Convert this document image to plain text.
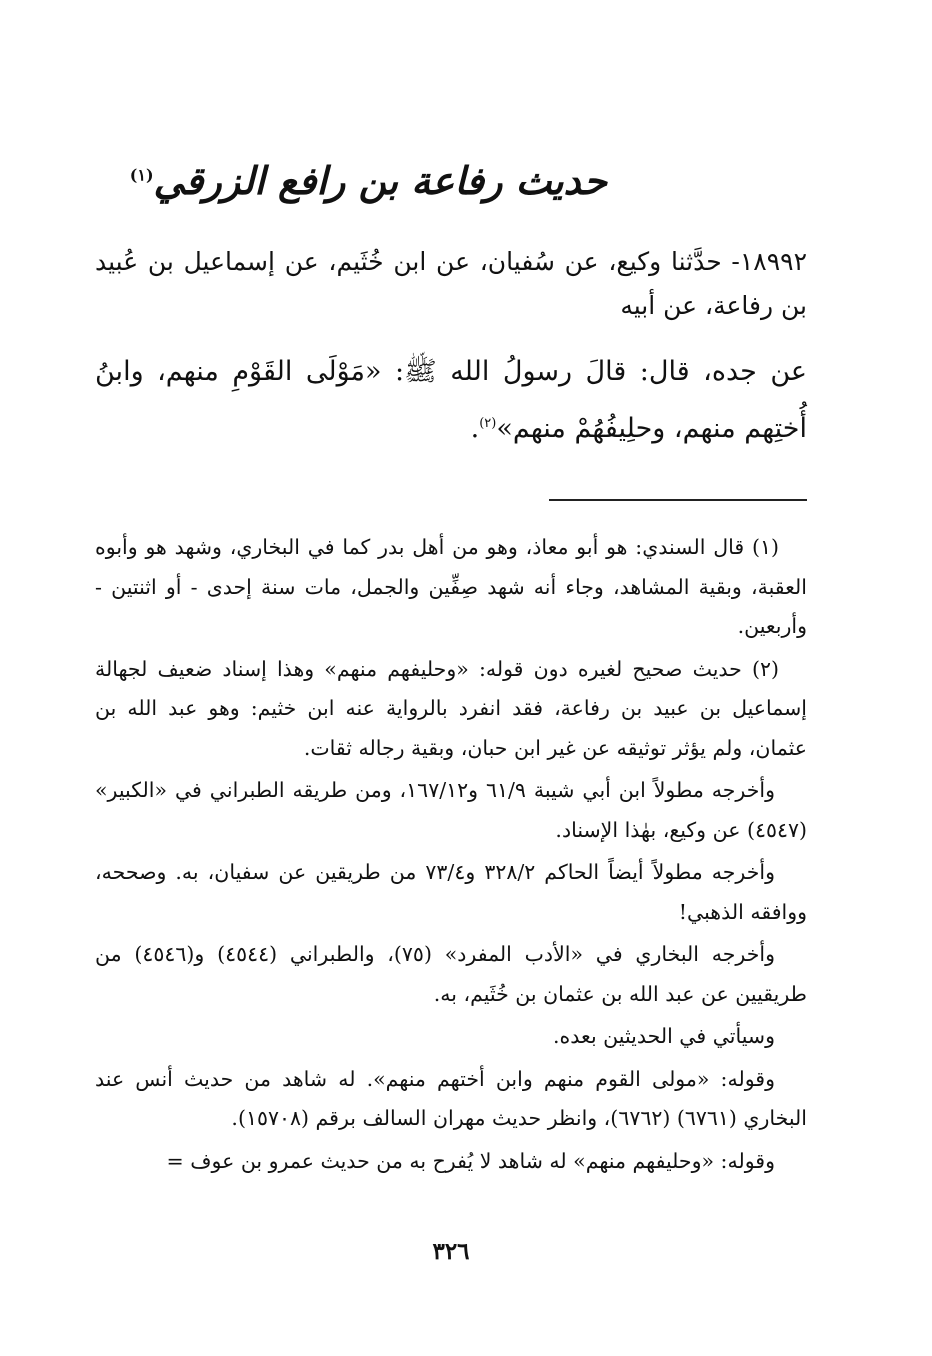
حديث رفاعة بن رافع الزرقي$^{(١)}$
١٨٩٩٢- حدَّثنا وكيع، عن سُفيان، عن ابن خُثَيم، عن إسماعيل بن عُبيد بن رفاعة، عن أبيه
عن جده، قال: قالَ رسولُ الله ﷺ: «مَوْلَى القَوْمِ منهم، وابنُ أُختِهم منهم، وحلِيفُهُمْ منهم»$^{(٢)}$.

(١) قال السندي: هو أبو معاذ، وهو من أهل بدر كما في البخاري، وشهد هو وأبوه العقبة، وبقية المشاهد، وجاء أنه شهد صِفِّين والجمل، مات سنة إحدى - أو اثنتين - وأربعين.

(٢) حديث صحيح لغيره دون قوله: «وحليفهم منهم» وهذا إسناد ضعيف لجهالة إسماعيل بن عبيد بن رفاعة، فقد انفرد بالرواية عنه ابن خثيم: وهو عبد الله بن عثمان، ولم يؤثر توثيقه عن غير ابن حبان، وبقية رجاله ثقات.

وأخرجه مطولاً ابن أبي شيبة ٦١/٩ و١٦٧/١٢، ومن طريقه الطبراني في «الكبير» (٤٥٤٧) عن وكيع، بهٰذا الإسناد.

وأخرجه مطولاً أيضاً الحاكم ٣٢٨/٢ و٧٣/٤ من طريقين عن سفيان، به. وصححه، ووافقه الذهبي!

وأخرجه البخاري في «الأدب المفرد» (٧٥)، والطبراني (٤٥٤٤) و(٤٥٤٦) من طريقيين عن عبد الله بن عثمان بن خُثَيم، به.

وسيأتي في الحديثين بعده.

وقوله: «مولى القوم منهم وابن أختهم منهم». له شاهد من حديث أنس عند البخاري (٦٧٦١) (٦٧٦٢)، وانظر حديث مهران السالف برقم (١٥٧٠٨).

وقوله: «وحليفهم منهم» له شاهد لا يُفرح به من حديث عمرو بن عوف =

٣٢٦
